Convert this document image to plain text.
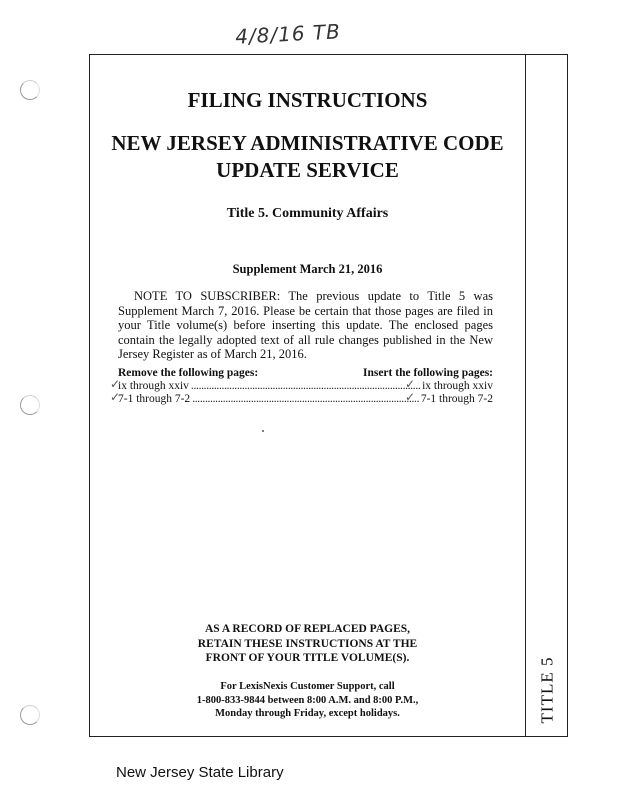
4/8/16 TB
TITLE 5
FILING INSTRUCTIONS
NEW JERSEY ADMINISTRATIVE CODE
UPDATE SERVICE
Title 5. Community Affairs
Supplement March 21, 2016
NOTE TO SUBSCRIBER: The previous update to Title 5 was Supplement March 7, 2016. Please be certain that those pages are filed in your Title volume(s) before inserting this update. The enclosed pages contain the legally adopted text of all rule changes published in the New Jersey Register as of March 21, 2016.
Remove the following pages:	Insert the following pages:
ix through xxiv . . .	ix through xxiv
7-1 through 7-2 . . .	7-1 through 7-2
✓
✓
✓
✓
AS A RECORD OF REPLACED PAGES,
RETAIN THESE INSTRUCTIONS AT THE
FRONT OF YOUR TITLE VOLUME(S).
For LexisNexis Customer Support, call
1-800-833-9844 between 8:00 A.M. and 8:00 P.M.,
Monday through Friday, except holidays.
New Jersey State Library
